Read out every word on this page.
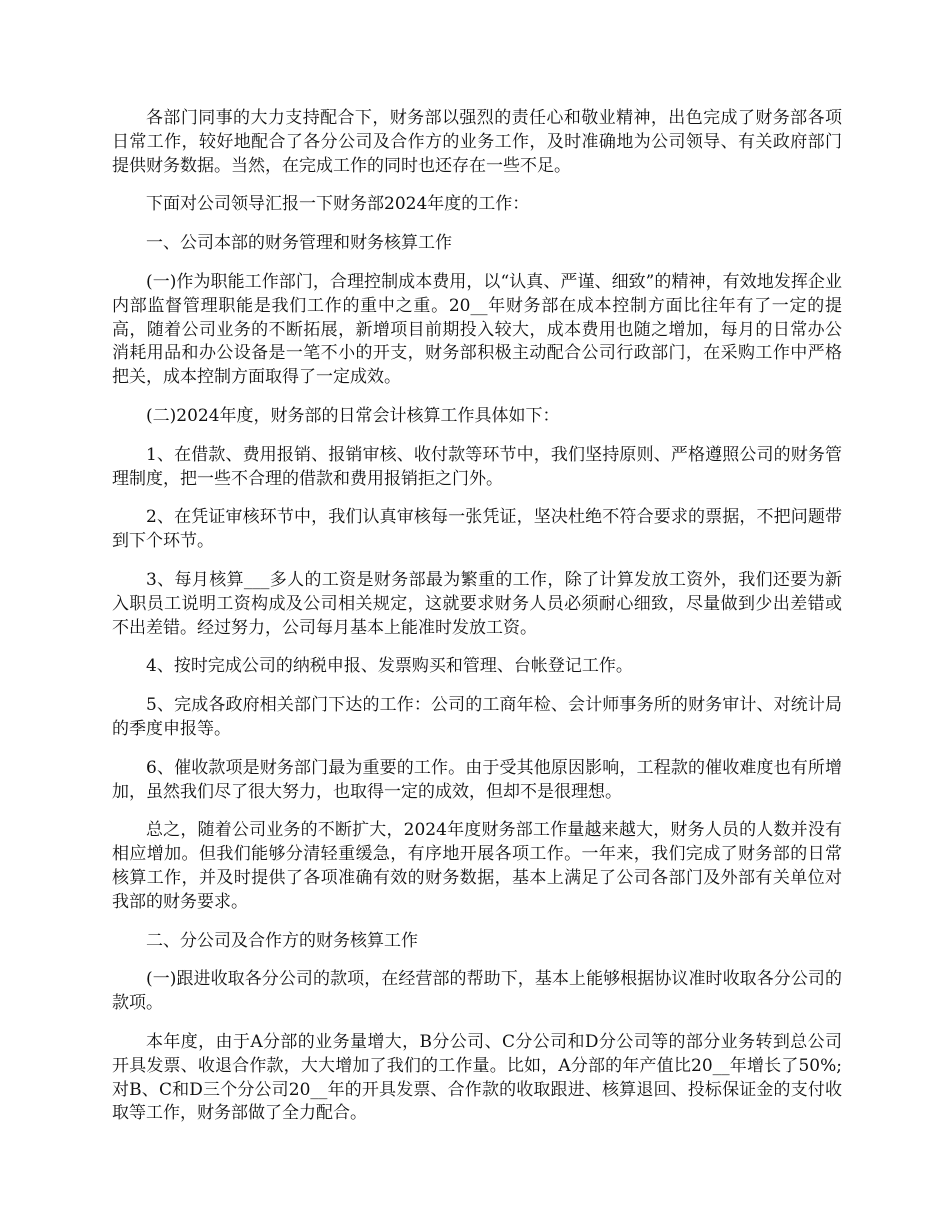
各部门同事的大力支持配合下，财务部以强烈的责任心和敬业精神，出色完成了财务部各项日常工作，较好地配合了各分公司及合作方的业务工作，及时准确地为公司领导、有关政府部门提供财务数据。当然，在完成工作的同时也还存在一些不足。

下面对公司领导汇报一下财务部2024年度的工作：

一、公司本部的财务管理和财务核算工作

(一)作为职能工作部门，合理控制成本费用，以“认真、严谨、细致”的精神，有效地发挥企业内部监督管理职能是我们工作的重中之重。20__年财务部在成本控制方面比往年有了一定的提高，随着公司业务的不断拓展，新增项目前期投入较大，成本费用也随之增加，每月的日常办公消耗用品和办公设备是一笔不小的开支，财务部积极主动配合公司行政部门，在采购工作中严格把关，成本控制方面取得了一定成效。

(二)2024年度，财务部的日常会计核算工作具体如下：

1、在借款、费用报销、报销审核、收付款等环节中，我们坚持原则、严格遵照公司的财务管理制度，把一些不合理的借款和费用报销拒之门外。

2、在凭证审核环节中，我们认真审核每一张凭证，坚决杜绝不符合要求的票据，不把问题带到下个环节。

3、每月核算___多人的工资是财务部最为繁重的工作，除了计算发放工资外，我们还要为新入职员工说明工资构成及公司相关规定，这就要求财务人员必须耐心细致，尽量做到少出差错或不出差错。经过努力，公司每月基本上能准时发放工资。

4、按时完成公司的纳税申报、发票购买和管理、台帐登记工作。

5、完成各政府相关部门下达的工作：公司的工商年检、会计师事务所的财务审计、对统计局的季度申报等。

6、催收款项是财务部门最为重要的工作。由于受其他原因影响，工程款的催收难度也有所增加，虽然我们尽了很大努力，也取得一定的成效，但却不是很理想。

总之，随着公司业务的不断扩大，2024年度财务部工作量越来越大，财务人员的人数并没有相应增加。但我们能够分清轻重缓急，有序地开展各项工作。一年来，我们完成了财务部的日常核算工作，并及时提供了各项准确有效的财务数据，基本上满足了公司各部门及外部有关单位对我部的财务要求。

二、分公司及合作方的财务核算工作

(一)跟进收取各分公司的款项，在经营部的帮助下，基本上能够根据协议准时收取各分公司的款项。

本年度，由于A分部的业务量增大，B分公司、C分公司和D分公司等的部分业务转到总公司开具发票、收退合作款，大大增加了我们的工作量。比如，A分部的年产值比20__年增长了50%;对B、C和D三个分公司20__年的开具发票、合作款的收取跟进、核算退回、投标保证金的支付收取等工作，财务部做了全力配合。
